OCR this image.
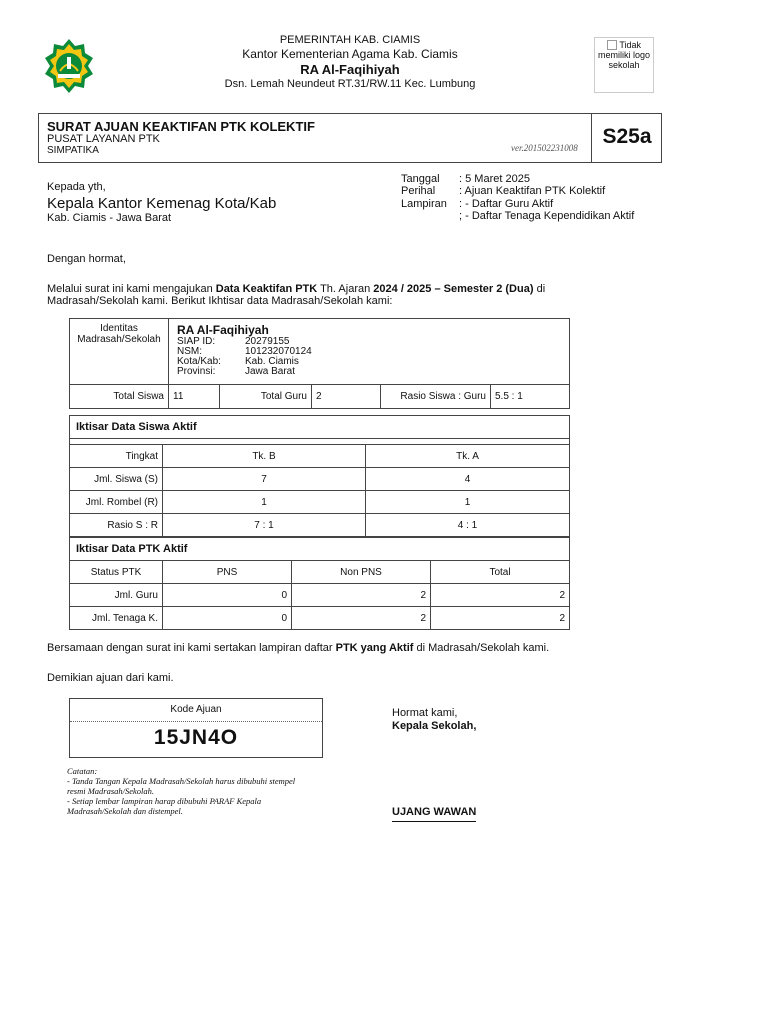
PEMERINTAH KAB. CIAMIS
Kantor Kementerian Agama Kab. Ciamis
RA Al-Faqihiyah
Dsn. Lemah Neundeut RT.31/RW.11 Kec. Lumbung
Tidak memiliki logo sekolah
SURAT AJUAN KEAKTIFAN PTK KOLEKTIF
PUSAT LAYANAN PTK
SIMPATIKA	ver.201502231008	S25a
Kepada yth,
Kepala Kantor Kemenag Kota/Kab
Kab. Ciamis - Jawa Barat
Tanggal : 5 Maret 2025
Perihal : Ajuan Keaktifan PTK Kolektif
Lampiran : - Daftar Guru Aktif
; - Daftar Tenaga Kependidikan Aktif
Dengan hormat,
Melalui surat ini kami mengajukan Data Keaktifan PTK Th. Ajaran 2024 / 2025 – Semester 2 (Dua) di
Madrasah/Sekolah kami. Berikut Ikhtisar data Madrasah/Sekolah kami:
Identitas Madrasah/Sekolah	RA Al-Faqihiyah
SIAP ID: 20279155
NSM: 101232070124
Kota/Kab: Kab. Ciamis
Provinsi: Jawa Barat				

Total Siswa	11	Total Guru	2	Rasio Siswa : Guru	5.5 : 1
Iktisar Data Siswa Aktif		

Tingkat	Tk. B	Tk. A
Jml. Siswa (S)	7	4
Jml. Rombel (R)	1	1
Rasio S : R	7 : 1	4 : 1
Iktisar Data PTK Aktif			
Status PTK	PNS	Non PNS	Total
Jml. Guru	0	2	2
Jml. Tenaga K.	0	2	2
Bersamaan dengan surat ini kami sertakan lampiran daftar PTK yang Aktif di Madrasah/Sekolah kami.
Demikian ajuan dari kami.
Kode Ajuan
15JN4O
Catatan:
- Tanda Tangan Kepala Madrasah/Sekolah harus dibubuhi stempel
resmi Madrasah/Sekolah.
- Setiap lembar lampiran harap dibubuhi PARAF Kepala
Madrasah/Sekolah dan distempel.
Hormat kami,
Kepala Sekolah,
UJANG WAWAN
